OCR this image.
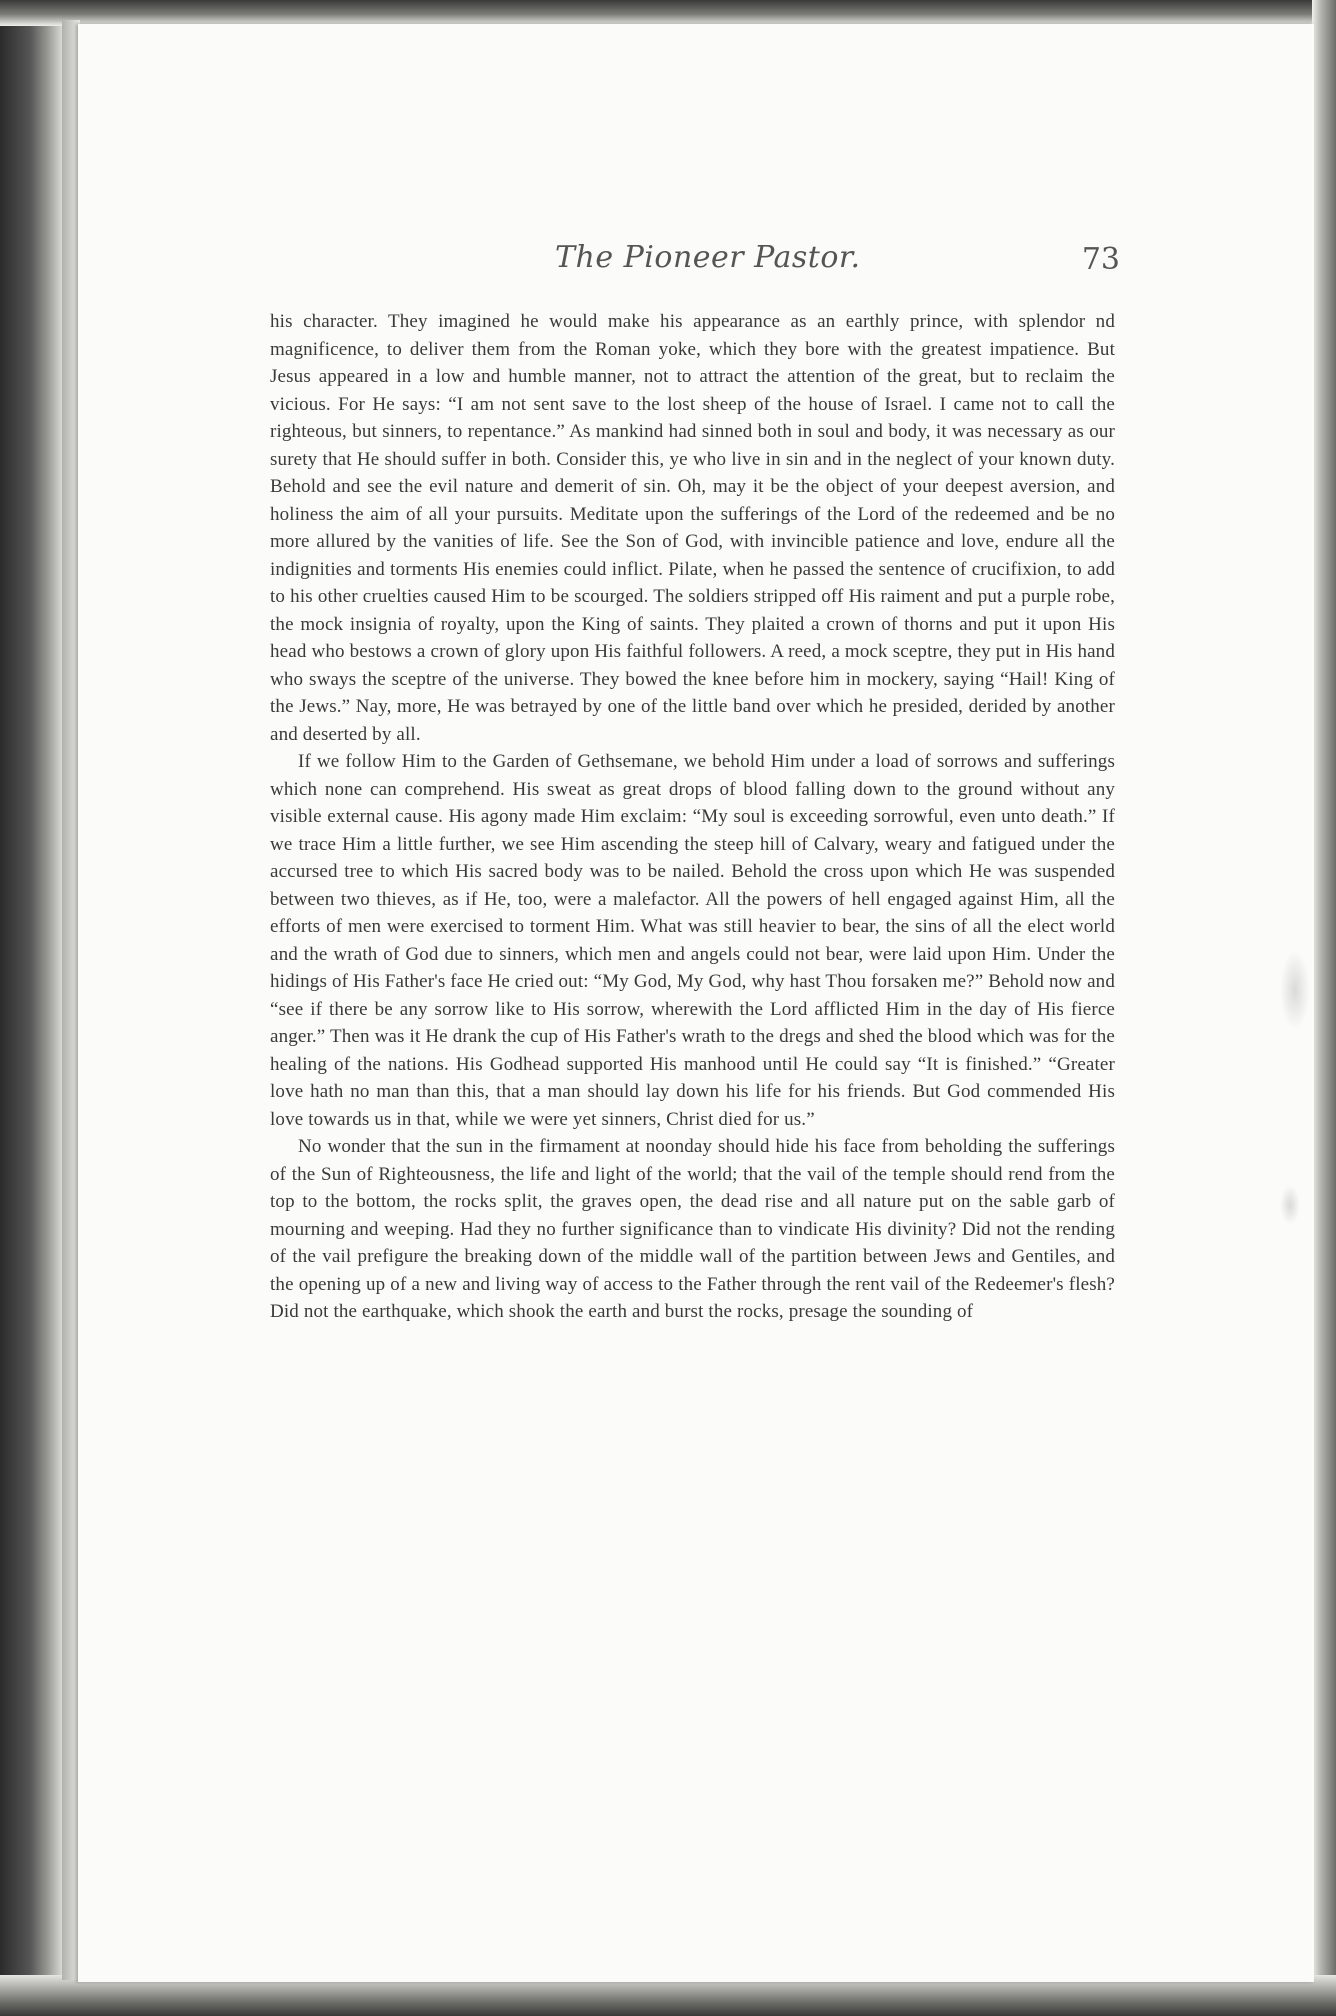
The Pioneer Pastor.	73

his character. They imagined he would make his appearance as an earthly prince, with splendor nd magnificence, to deliver them from the Roman yoke, which they bore with the greatest impatience. But Jesus appeared in a low and humble manner, not to attract the attention of the great, but to reclaim the vicious. For He says: “I am not sent save to the lost sheep of the house of Israel. I came not to call the righteous, but sinners, to repentance.” As mankind had sinned both in soul and body, it was necessary as our surety that He should suffer in both. Consider this, ye who live in sin and in the neglect of your known duty. Behold and see the evil nature and demerit of sin. Oh, may it be the object of your deepest aversion, and holiness the aim of all your pursuits. Meditate upon the sufferings of the Lord of the redeemed and be no more allured by the vanities of life. See the Son of God, with invincible patience and love, endure all the indignities and torments His enemies could inflict. Pilate, when he passed the sentence of crucifixion, to add to his other cruelties caused Him to be scourged. The soldiers stripped off His raiment and put a purple robe, the mock insignia of royalty, upon the King of saints. They plaited a crown of thorns and put it upon His head who bestows a crown of glory upon His faithful followers. A reed, a mock sceptre, they put in His hand who sways the sceptre of the universe. They bowed the knee before him in mockery, saying “Hail! King of the Jews.” Nay, more, He was betrayed by one of the little band over which he presided, derided by another and deserted by all.

If we follow Him to the Garden of Gethsemane, we behold Him under a load of sorrows and sufferings which none can comprehend. His sweat as great drops of blood falling down to the ground without any visible external cause. His agony made Him exclaim: “My soul is exceeding sorrowful, even unto death.” If we trace Him a little further, we see Him ascending the steep hill of Calvary, weary and fatigued under the accursed tree to which His sacred body was to be nailed. Behold the cross upon which He was suspended between two thieves, as if He, too, were a malefactor. All the powers of hell engaged against Him, all the efforts of men were exercised to torment Him. What was still heavier to bear, the sins of all the elect world and the wrath of God due to sinners, which men and angels could not bear, were laid upon Him. Under the hidings of His Father's face He cried out: “My God, My God, why hast Thou forsaken me?” Behold now and “see if there be any sorrow like to His sorrow, wherewith the Lord afflicted Him in the day of His fierce anger.” Then was it He drank the cup of His Father's wrath to the dregs and shed the blood which was for the healing of the nations. His Godhead supported His manhood until He could say “It is finished.” “Greater love hath no man than this, that a man should lay down his life for his friends. But God commended His love towards us in that, while we were yet sinners, Christ died for us.”

No wonder that the sun in the firmament at noonday should hide his face from beholding the sufferings of the Sun of Righteousness, the life and light of the world; that the vail of the temple should rend from the top to the bottom, the rocks split, the graves open, the dead rise and all nature put on the sable garb of mourning and weeping. Had they no further significance than to vindicate His divinity? Did not the rending of the vail prefigure the breaking down of the middle wall of the partition between Jews and Gentiles, and the opening up of a new and living way of access to the Father through the rent vail of the Redeemer's flesh? Did not the earthquake, which shook the earth and burst the rocks, presage the sounding of
